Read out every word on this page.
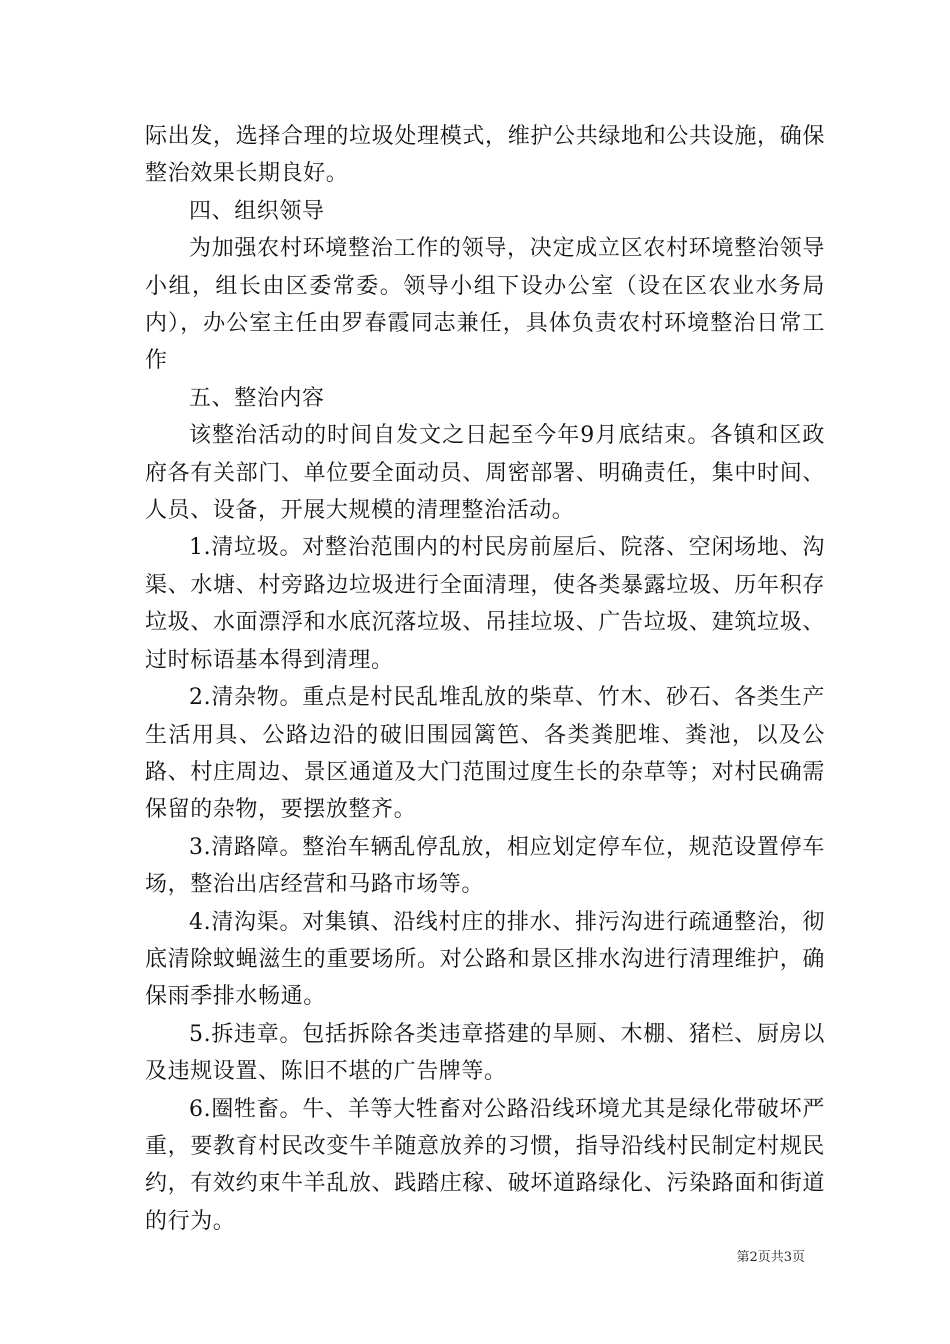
际出发，选择合理的垃圾处理模式，维护公共绿地和公共设施，确保整治效果长期良好。

四、组织领导

为加强农村环境整治工作的领导，决定成立区农村环境整治领导小组，组长由区委常委。领导小组下设办公室（设在区农业水务局内），办公室主任由罗春霞同志兼任，具体负责农村环境整治日常工作

五、整治内容

该整治活动的时间自发文之日起至今年9月底结束。各镇和区政府各有关部门、单位要全面动员、周密部署、明确责任，集中时间、人员、设备，开展大规模的清理整治活动。

1.清垃圾。对整治范围内的村民房前屋后、院落、空闲场地、沟渠、水塘、村旁路边垃圾进行全面清理，使各类暴露垃圾、历年积存垃圾、水面漂浮和水底沉落垃圾、吊挂垃圾、广告垃圾、建筑垃圾、过时标语基本得到清理。

2.清杂物。重点是村民乱堆乱放的柴草、竹木、砂石、各类生产生活用具、公路边沿的破旧围园篱笆、各类粪肥堆、粪池，以及公路、村庄周边、景区通道及大门范围过度生长的杂草等；对村民确需保留的杂物，要摆放整齐。

3.清路障。整治车辆乱停乱放，相应划定停车位，规范设置停车场，整治出店经营和马路市场等。

4.清沟渠。对集镇、沿线村庄的排水、排污沟进行疏通整治，彻底清除蚊蝇滋生的重要场所。对公路和景区排水沟进行清理维护，确保雨季排水畅通。

5.拆违章。包括拆除各类违章搭建的旱厕、木棚、猪栏、厨房以及违规设置、陈旧不堪的广告牌等。

6.圈牲畜。牛、羊等大牲畜对公路沿线环境尤其是绿化带破坏严重，要教育村民改变牛羊随意放养的习惯，指导沿线村民制定村规民约，有效约束牛羊乱放、践踏庄稼、破坏道路绿化、污染路面和街道的行为。

第2页共3页
